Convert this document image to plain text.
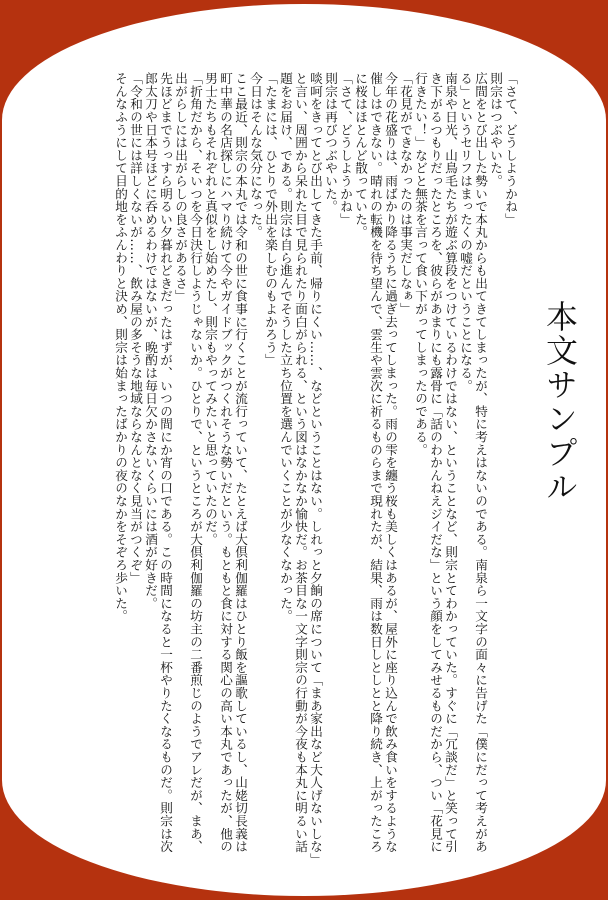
「さて、どうしようかね」

則宗はつぶやいた。

広間をとび出した勢いで本丸からも出てきてしまったが、特に考えはないのである。南泉ら一文字の面々に告げた「僕にだって考えがある」というセリフはまったくの嘘だということになる。

南泉や日光、山鳥毛たちが遊ぶ算段をつけているわけではない、ということなど、則宗とてわかっていた。すぐに「冗談だ」と笑って引き下がるつもりだったところを、彼らがあまりにも露骨に「話のわかんねえジイだな」という顔をしてみせるものだから、つい「花見に行きたい！」などと無茶を言って食い下がってしまったのである。

「花見ができなかったのは事実だしなぁ」

今年の花盛りは、雨ばかり降るうちに過ぎ去ってしまった。雨の雫を纏う桜も美しくはあるが、屋外に座り込んで飲み食いをするような催しはできない。晴れの転機を待ち望んで、雲生や雲次に祈るものらまで現れたが、結果、雨は数日しとしとと降り続き、上がったころに桜はほとんど散っていた。

「さて、どうしようかね」

則宗は再びつぶやいた。

啖呵をきってとび出してきた手前、帰りにくい……、などということはない。しれっと夕餉の席について「まあ家出など大人げないしな」と言い、周囲から呆れた目で見られたり面白がられる、という図はなかなか愉快だ。お茶目な一文字則宗の行動が今夜も本丸に明るい話題をお届け、である。則宗は自ら進んでそうした立ち位置を選んでいくことが少なくなかった。

「たまには、ひとりで外出を楽しむのもよかろう」

今日はそんな気分になった。

ここ最近、則宗の本丸では令和の世に食事に行くことが流行っていて、たとえば大倶利伽羅はひとり飯を謳歌しているし、山姥切長義は町中華の名店探しにハマり続けて今やガイドブックがつくれそうな勢いだという。もともと食に対する関心の高い本丸であったが、他の男士たちもそれぞれと真似をし始めたし、則宗もやってみたいと思っていたのだ。

「折角だから、そいつを今日決行しようじゃないか。ひとりで、というところが大倶利伽羅の坊主の二番煎じのようでアレだが、まあ、出がらしには出がらしの良さがあるさ」

先ほどまでうっすら明るい夕暮れどきだったはずが、いつの間にか宵の口である。この時間になると一杯やりたくなるものだ。則宗は次郎太刀や日本号ほどに呑めるわけではないが、晩酌は毎日欠かさないくらいには酒が好きだ。

「令和の世には詳しくないが……、飲み屋の多そうな地域ならなんとなく見当がつくぞ」

そんなふうにして目的地をふんわりと決め、則宗は始まったばかりの夜のなかをそぞろ歩いた。	本文サンプル
